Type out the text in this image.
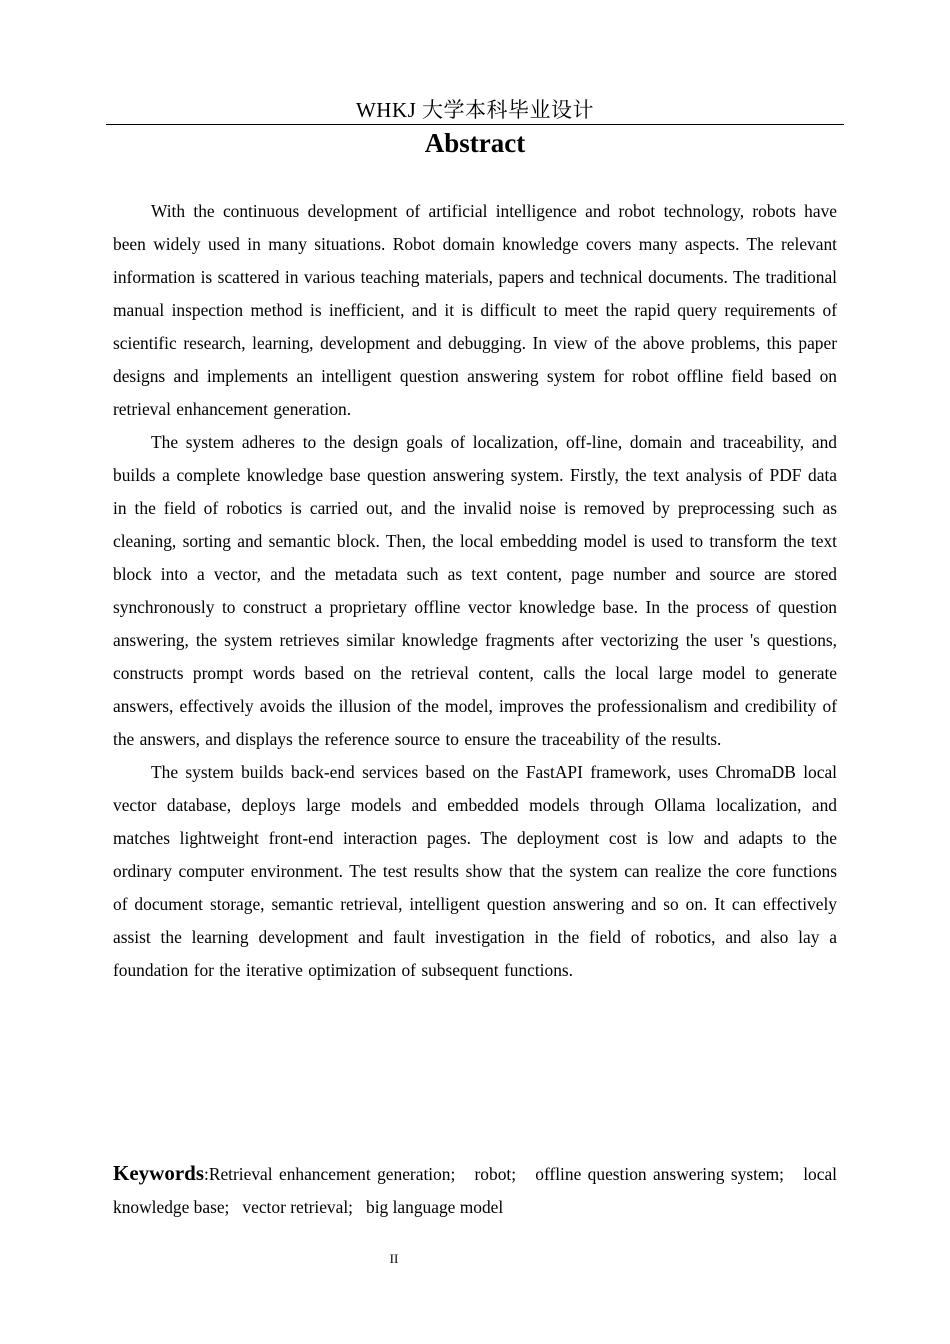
WHKJ 大学本科毕业设计
Abstract

With the continuous development of artificial intelligence and robot technology, robots have been widely used in many situations. Robot domain knowledge covers many aspects. The relevant information is scattered in various teaching materials, papers and technical documents. The traditional manual inspection method is inefficient, and it is difficult to meet the rapid query requirements of scientific research, learning, development and debugging. In view of the above problems, this paper designs and implements an intelligent question answering system for robot offline field based on retrieval enhancement generation.

The system adheres to the design goals of localization, off-line, domain and traceability, and builds a complete knowledge base question answering system. Firstly, the text analysis of PDF data in the field of robotics is carried out, and the invalid noise is removed by preprocessing such as cleaning, sorting and semantic block. Then, the local embedding model is used to transform the text block into a vector, and the metadata such as text content, page number and source are stored synchronously to construct a proprietary offline vector knowledge base. In the process of question answering, the system retrieves similar knowledge fragments after vectorizing the user 's questions, constructs prompt words based on the retrieval content, calls the local large model to generate answers, effectively avoids the illusion of the model, improves the professionalism and credibility of the answers, and displays the reference source to ensure the traceability of the results.

The system builds back-end services based on the FastAPI framework, uses ChromaDB local vector database, deploys large models and embedded models through Ollama localization, and matches lightweight front-end interaction pages. The deployment cost is low and adapts to the ordinary computer environment. The test results show that the system can realize the core functions of document storage, semantic retrieval, intelligent question answering and so on. It can effectively assist the learning development and fault investigation in the field of robotics, and also lay a foundation for the iterative optimization of subsequent functions.

Keywords:Retrieval enhancement generation;   robot;   offline question answering system;   local knowledge base;   vector retrieval;   big language model
II
